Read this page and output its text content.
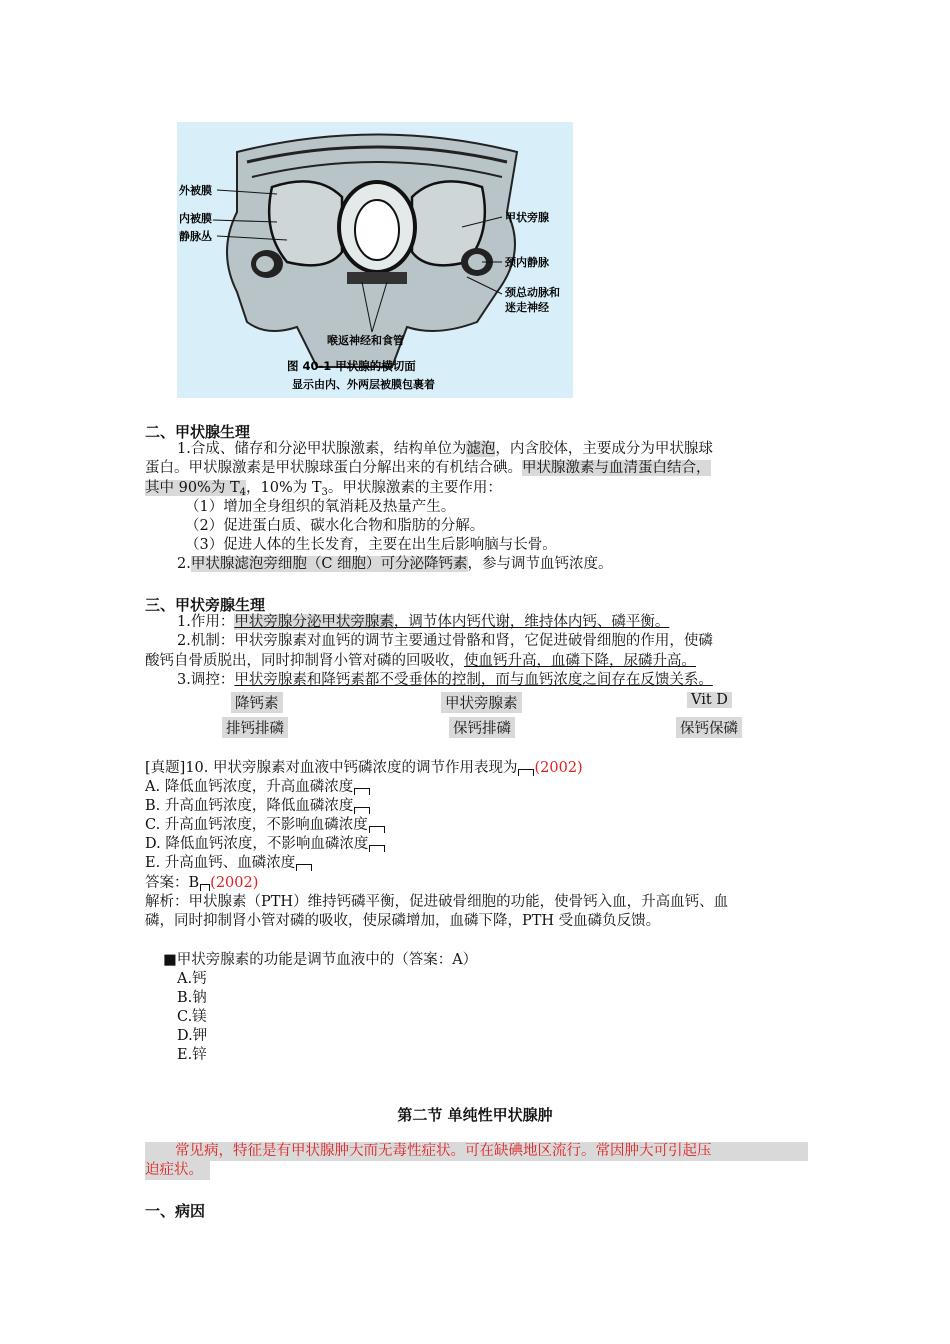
外被膜
内被膜
静脉丛
甲状旁腺
颈内静脉
颈总动脉和
迷走神经
喉返神经和食管
图 40-1 甲状腺的横切面
显示由内、外两层被膜包裹着
二、甲状腺生理
1.合成、储存和分泌甲状腺激素，结构单位为滤泡，内含胶体，主要成分为甲状腺球
蛋白。甲状腺激素是甲状腺球蛋白分解出来的有机结合碘。甲状腺激素与血清蛋白结合，
其中 90%为 $T_4$，10%为 $T_3$。甲状腺激素的主要作用：
（1）增加全身组织的氧消耗及热量产生。
（2）促进蛋白质、碳水化合物和脂肪的分解。
（3）促进人体的生长发育，主要在出生后影响脑与长骨。
2.甲状腺滤泡旁细胞（C 细胞）可分泌降钙素，参与调节血钙浓度。
三、甲状旁腺生理
1.作用：甲状旁腺分泌甲状旁腺素，调节体内钙代谢，维持体内钙、磷平衡。
2.机制：甲状旁腺素对血钙的调节主要通过骨骼和肾，它促进破骨细胞的作用，使磷
酸钙自骨质脱出，同时抑制肾小管对磷的回吸收，使血钙升高，血磷下降，尿磷升高。
3.调控：甲状旁腺素和降钙素都不受垂体的控制，而与血钙浓度之间存在反馈关系。
降钙素	甲状旁腺素	Vit D
排钙排磷	保钙排磷	保钙保磷
[真题]10. 甲状旁腺素对血液中钙磷浓度的调节作用表现为 (2002)
A. 降低血钙浓度，升高血磷浓度
B. 升高血钙浓度，降低血磷浓度
C. 升高血钙浓度，不影响血磷浓度
D. 降低血钙浓度，不影响血磷浓度
E. 升高血钙、血磷浓度
答案：B (2002)
解析：甲状腺素（PTH）维持钙磷平衡，促进破骨细胞的功能，使骨钙入血，升高血钙、血
磷，同时抑制肾小管对磷的吸收，使尿磷增加，血磷下降，PTH 受血磷负反馈。
■甲状旁腺素的功能是调节血液中的（答案：A）
A.钙
B.钠
C.镁
D.钾
E.锌
第二节 单纯性甲状腺肿
常见病，特征是有甲状腺肿大而无毒性症状。可在缺碘地区流行。常因肿大可引起压
迫症状。
一、病因
